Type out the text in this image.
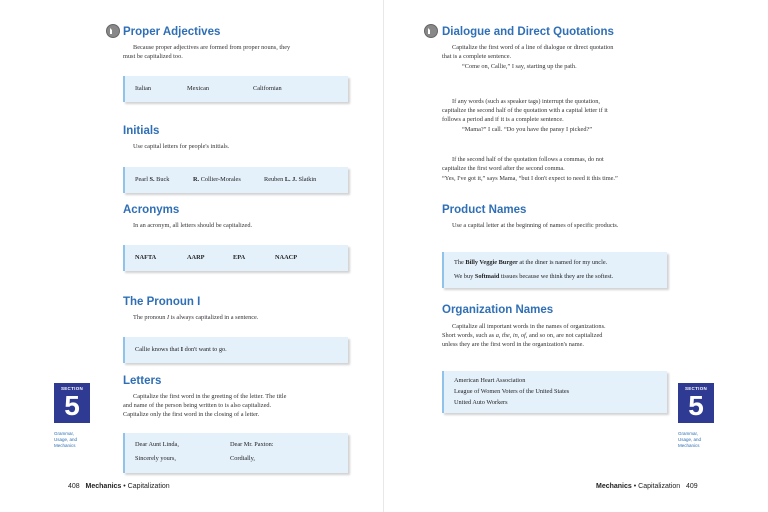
Proper Adjectives
Because proper adjectives are formed from proper nouns, they
must be capitalized too.
Italian	Mexican	Californian
Initials
Use capital letters for people's initials.
Pearl S. Buck	R. Collier-Morales	Reuben L. J. Slatkin
Acronyms
In an acronym, all letters should be capitalized.
NAFTA	AARP	EPA	NAACP
The Pronoun I
The pronoun I is always capitalized in a sentence.
Callie knows that I don't want to go.
Letters
Capitalize the first word in the greeting of the letter. The title
and name of the person being written to is also capitalized.
Capitalize only the first word in the closing of a letter.
Dear Aunt Linda,	Dear Mr. Paxton:
Sincerely yours,	Cordially,
SECTION
5
Grammar,
Usage, and
Mechanics
408 Mechanics • Capitalization
Dialogue and Direct Quotations
Capitalize the first word of a line of dialogue or direct quotation
that is a complete sentence.
“Come on, Callie,” I say, starting up the path.
If any words (such as speaker tags) interrupt the quotation,
capitalize the second half of the quotation with a capital letter if it
follows a period and if it is a complete sentence.
“Mama?” I call. “Do you have the pansy I picked?”
If the second half of the quotation follows a commas, do not
capitalize the first word after the second comma.
“Yes, I've got it,” says Mama, “but I don't expect to need it this time.”
Product Names
Use a capital letter at the beginning of names of specific products.
The Billy Veggie Burger at the diner is named for my uncle.
We buy Softmaid tissues because we think they are the softest.
Organization Names
Capitalize all important words in the names of organizations.
Short words, such as a, the, in, of, and so on, are not capitalized
unless they are the first word in the organization's name.
American Heart Association
League of Women Voters of the United States
United Auto Workers
SECTION
5
Grammar,
Usage, and
Mechanics
Mechanics • Capitalization 409
